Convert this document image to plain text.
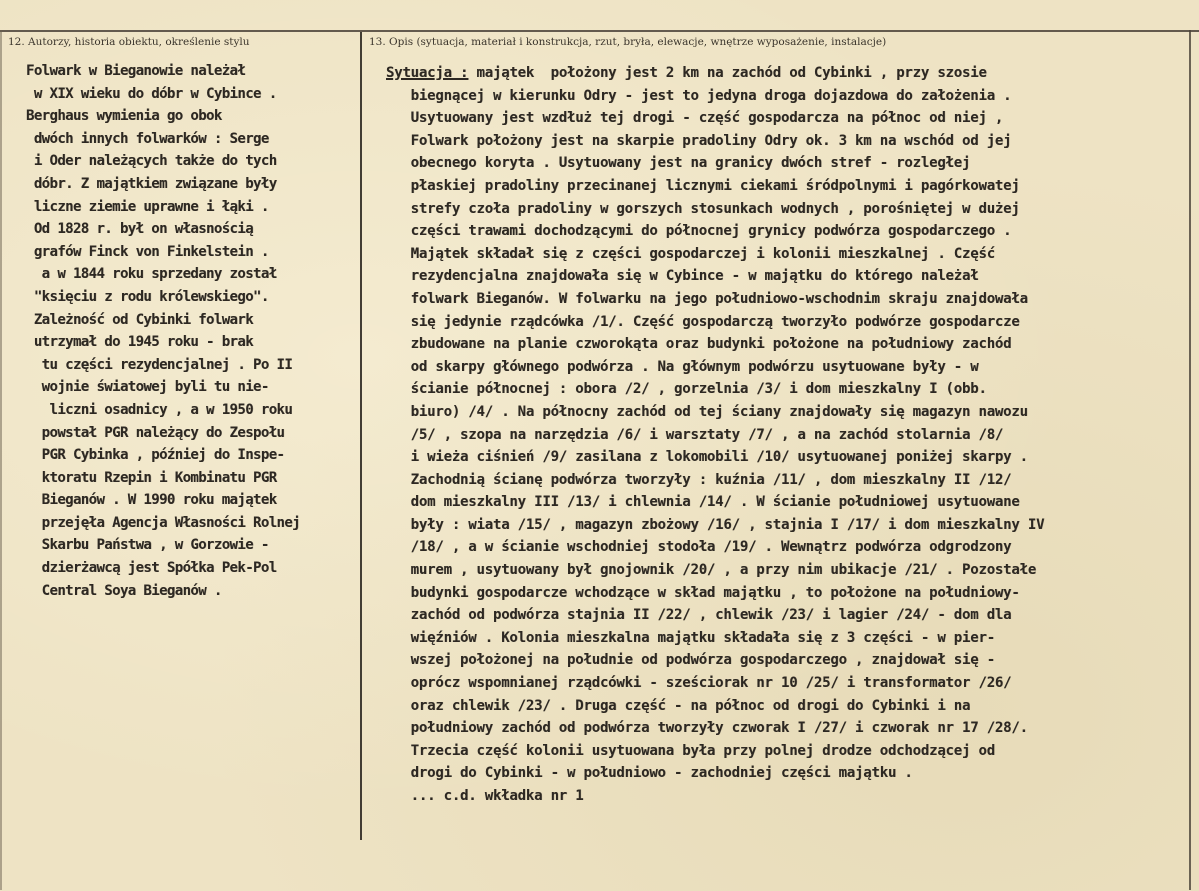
12. Autorzy, historia obiektu, określenie stylu	13. Opis (sytuacja, materiał i konstrukcja, rzut, bryła, elewacje, wnętrze wyposażenie, instalacje)
Folwark w Bieganowie należał
w XIX wieku do dóbr w Cybince .
Berghaus wymienia go obok
dwóch innych folwarków : Serge
i Oder należących także do tych
dóbr. Z majątkiem związane były
liczne ziemie uprawne i łąki .
Od 1828 r. był on własnością
grafów Finck von Finkelstein .
a w 1844 roku sprzedany został
"księciu z rodu królewskiego".
Zależność od Cybinki folwark
utrzymał do 1945 roku - brak
tu części rezydencjalnej . Po II
wojnie światowej byli tu nie-
liczni osadnicy , a w 1950 roku
powstał PGR należący do Zespołu
PGR Cybinka , później do Inspe-
ktoratu Rzepin i Kombinatu PGR
Bieganów . W 1990 roku majątek
przejęła Agencja Własności Rolnej
Skarbu Państwa , w Gorzowie -
dzierżawcą jest Spółka Pek-Pol
Central Soya Bieganów .
Sytuacja : majątek  położony jest 2 km na zachód od Cybinki , przy szosie
biegnącej w kierunku Odry - jest to jedyna droga dojazdowa do założenia .
Usytuowany jest wzdłuż tej drogi - część gospodarcza na północ od niej ,
Folwark położony jest na skarpie pradoliny Odry ok. 3 km na wschód od jej
obecnego koryta . Usytuowany jest na granicy dwóch stref - rozległej
płaskiej pradoliny przecinanej licznymi ciekami śródpolnymi i pagórkowatej
strefy czoła pradoliny w gorszych stosunkach wodnych , porośniętej w dużej
części trawami dochodzącymi do północnej grynicy podwórza gospodarczego .
Majątek składał się z części gospodarczej i kolonii mieszkalnej . Część
rezydencjalna znajdowała się w Cybince - w majątku do którego należał
folwark Bieganów. W folwarku na jego południowo-wschodnim skraju znajdowała
się jedynie rządcówka /1/. Część gospodarczą tworzyło podwórze gospodarcze
zbudowane na planie czworokąta oraz budynki położone na południowy zachód
od skarpy głównego podwórza . Na głównym podwórzu usytuowane były - w
ścianie północnej : obora /2/ , gorzelnia /3/ i dom mieszkalny I (obb.
biuro) /4/ . Na północny zachód od tej ściany znajdowały się magazyn nawozu
/5/ , szopa na narzędzia /6/ i warsztaty /7/ , a na zachód stolarnia /8/
i wieża ciśnień /9/ zasilana z lokomobili /10/ usytuowanej poniżej skarpy .
Zachodnią ścianę podwórza tworzyły : kuźnia /11/ , dom mieszkalny II /12/
dom mieszkalny III /13/ i chlewnia /14/ . W ścianie południowej usytuowane
były : wiata /15/ , magazyn zbożowy /16/ , stajnia I /17/ i dom mieszkalny IV
/18/ , a w ścianie wschodniej stodoła /19/ . Wewnątrz podwórza odgrodzony
murem , usytuowany był gnojownik /20/ , a przy nim ubikacje /21/ . Pozostałe
budynki gospodarcze wchodzące w skład majątku , to położone na południowy-
zachód od podwórza stajnia II /22/ , chlewik /23/ i lagier /24/ - dom dla
więźniów . Kolonia mieszkalna majątku składała się z 3 części - w pier-
wszej położonej na południe od podwórza gospodarczego , znajdował się -
oprócz wspomnianej rządcówki - sześciorak nr 10 /25/ i transformator /26/
oraz chlewik /23/ . Druga część - na północ od drogi do Cybinki i na
południowy zachód od podwórza tworzyły czworak I /27/ i czworak nr 17 /28/.
Trzecia część kolonii usytuowana była przy polnej drodze odchodzącej od
drogi do Cybinki - w południowo - zachodniej części majątku .
... c.d. wkładka nr 1
